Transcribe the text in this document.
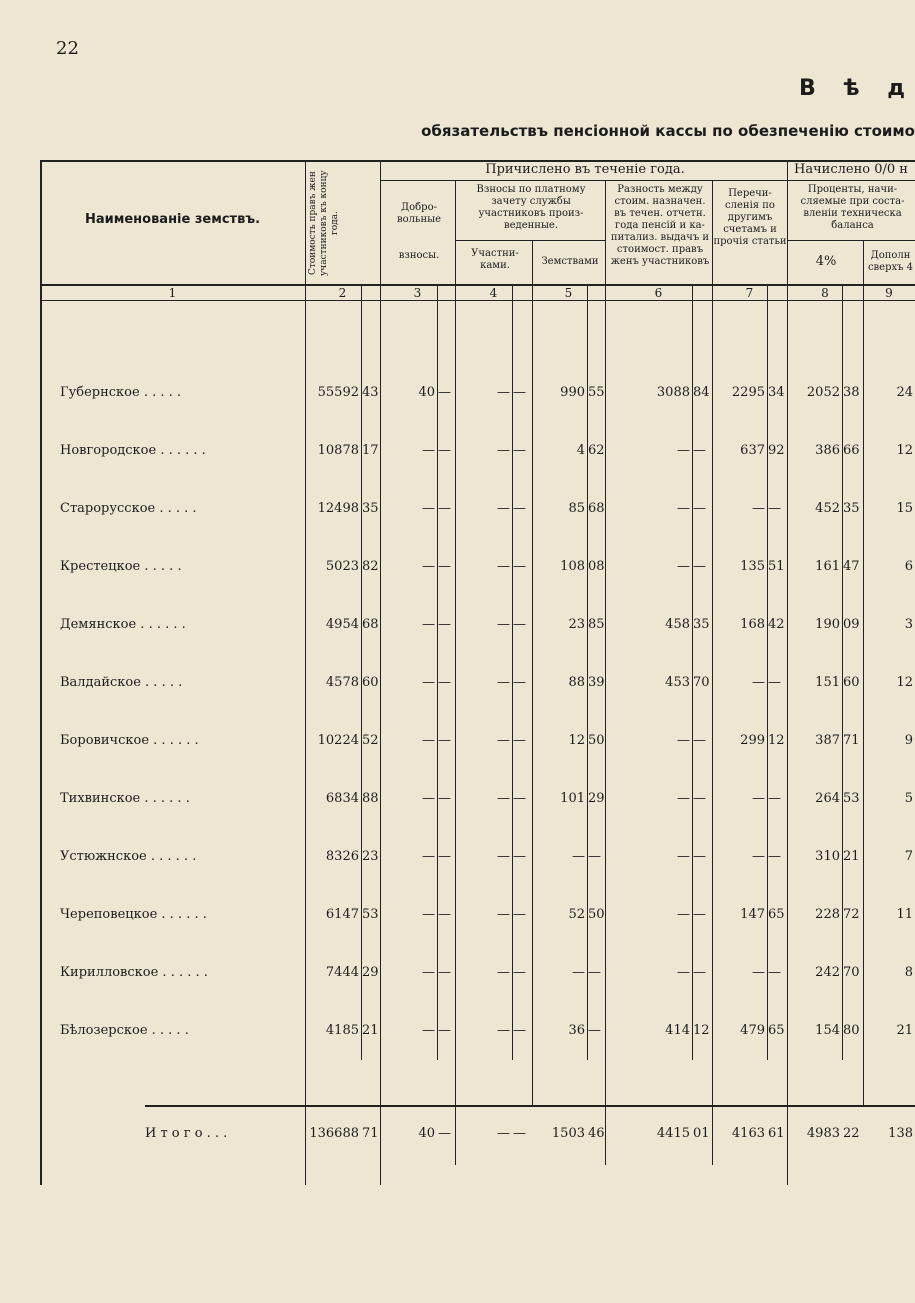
22
В ѣ д
обязательствъ пенсіонной кассы по обезпеченію стоимо
Наименованіе земствъ.	Стоимость правъ жен участниковъ къ концу года.
Причислено въ теченіе года.	Начислено 0/0 н
Добро-вольные
взносы.
Взносы по платному зачету службы участниковъ произ-веденные.
Участни-ками.	Земствами
Разность между стоим. назначен. въ течен. отчетн. года пенсій и ка-питализ. выдачъ и стоимост. правъ женъ участниковъ
Перечи-сленія по другимъ счетамъ и прочія статьи
Проценты, начи-сляемые при соста-вленіи техническа баланса
4%	Дополн сверхъ 4
1	2	3	4	5	6	7	8	9
Губернское . . . . .	55592 43	40 —	— —	990 55	3088 84	2295 34	2052 38	24
Новгородское . . . . . .	10878 17	— —	— —	4 62	— —	637 92	386 66	12
Старорусское . . . . .	12498 35	— —	— —	85 68	— —	— —	452 35	15
Крестецкое . . . . .	5023 82	— —	— —	108 08	— —	135 51	161 47	6
Демянское . . . . . .	4954 68	— —	— —	23 85	458 35	168 42	190 09	3
Валдайское . . . . .	4578 60	— —	— —	88 39	453 70	— —	151 60	12
Боровичское . . . . . .	10224 52	— —	— —	12 50	— —	299 12	387 71	9
Тихвинское . . . . . .	6834 88	— —	— —	101 29	— —	— —	264 53	5
Устюжнское . . . . . .	8326 23	— —	— —	— —	— —	— —	310 21	7
Череповецкое . . . . . .	6147 53	— —	— —	52 50	— —	147 65	228 72	11
Кирилловское . . . . . .	7444 29	— —	— —	— —	— —	— —	242 70	8
Бѣлозерское . . . . .	4185 21	— —	— —	36 —	414 12	479 65	154 80	21
И т о г о . . .	136688 71	40 —	— —	1503 46	4415 01	4163 61	4983 22	138
